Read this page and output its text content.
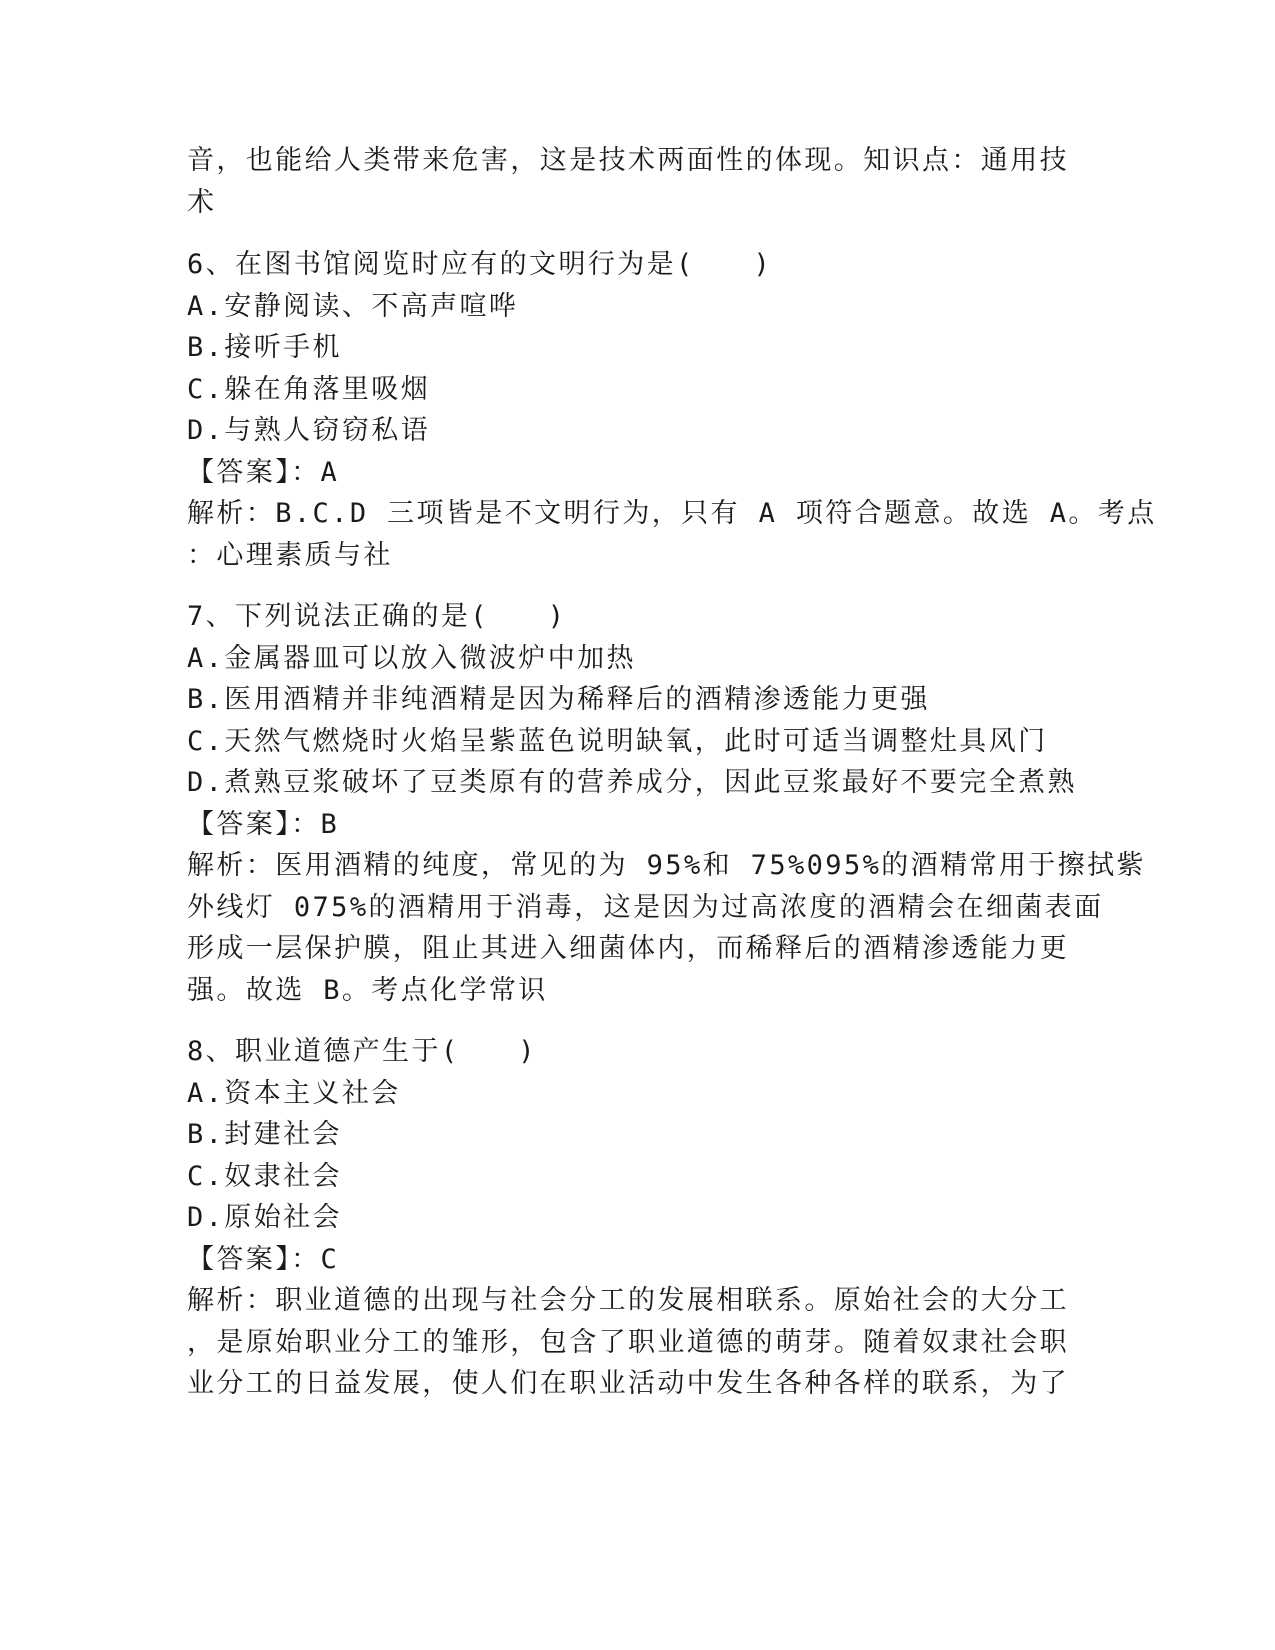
音，也能给人类带来危害，这是技术两面性的体现。知识点：通用技
术
6、在图书馆阅览时应有的文明行为是(　　)
A.安静阅读、不高声喧哗
B.接听手机
C.躲在角落里吸烟
D.与熟人窃窃私语
【答案】：A
解析：B.C.D 三项皆是不文明行为，只有 A 项符合题意。故选 A。考点
：心理素质与社
7、下列说法正确的是(　　)
A.金属器皿可以放入微波炉中加热
B.医用酒精并非纯酒精是因为稀释后的酒精渗透能力更强
C.天然气燃烧时火焰呈紫蓝色说明缺氧，此时可适当调整灶具风门
D.煮熟豆浆破坏了豆类原有的营养成分，因此豆浆最好不要完全煮熟
【答案】：B
解析：医用酒精的纯度，常见的为 95%和 75%095%的酒精常用于擦拭紫
外线灯 075%的酒精用于消毒，这是因为过高浓度的酒精会在细菌表面
形成一层保护膜，阻止其进入细菌体内，而稀释后的酒精渗透能力更
强。故选 B。考点化学常识
8、职业道德产生于(　　)
A.资本主义社会
B.封建社会
C.奴隶社会
D.原始社会
【答案】：C
解析：职业道德的出现与社会分工的发展相联系。原始社会的大分工
，是原始职业分工的雏形，包含了职业道德的萌芽。随着奴隶社会职
业分工的日益发展，使人们在职业活动中发生各种各样的联系，为了
